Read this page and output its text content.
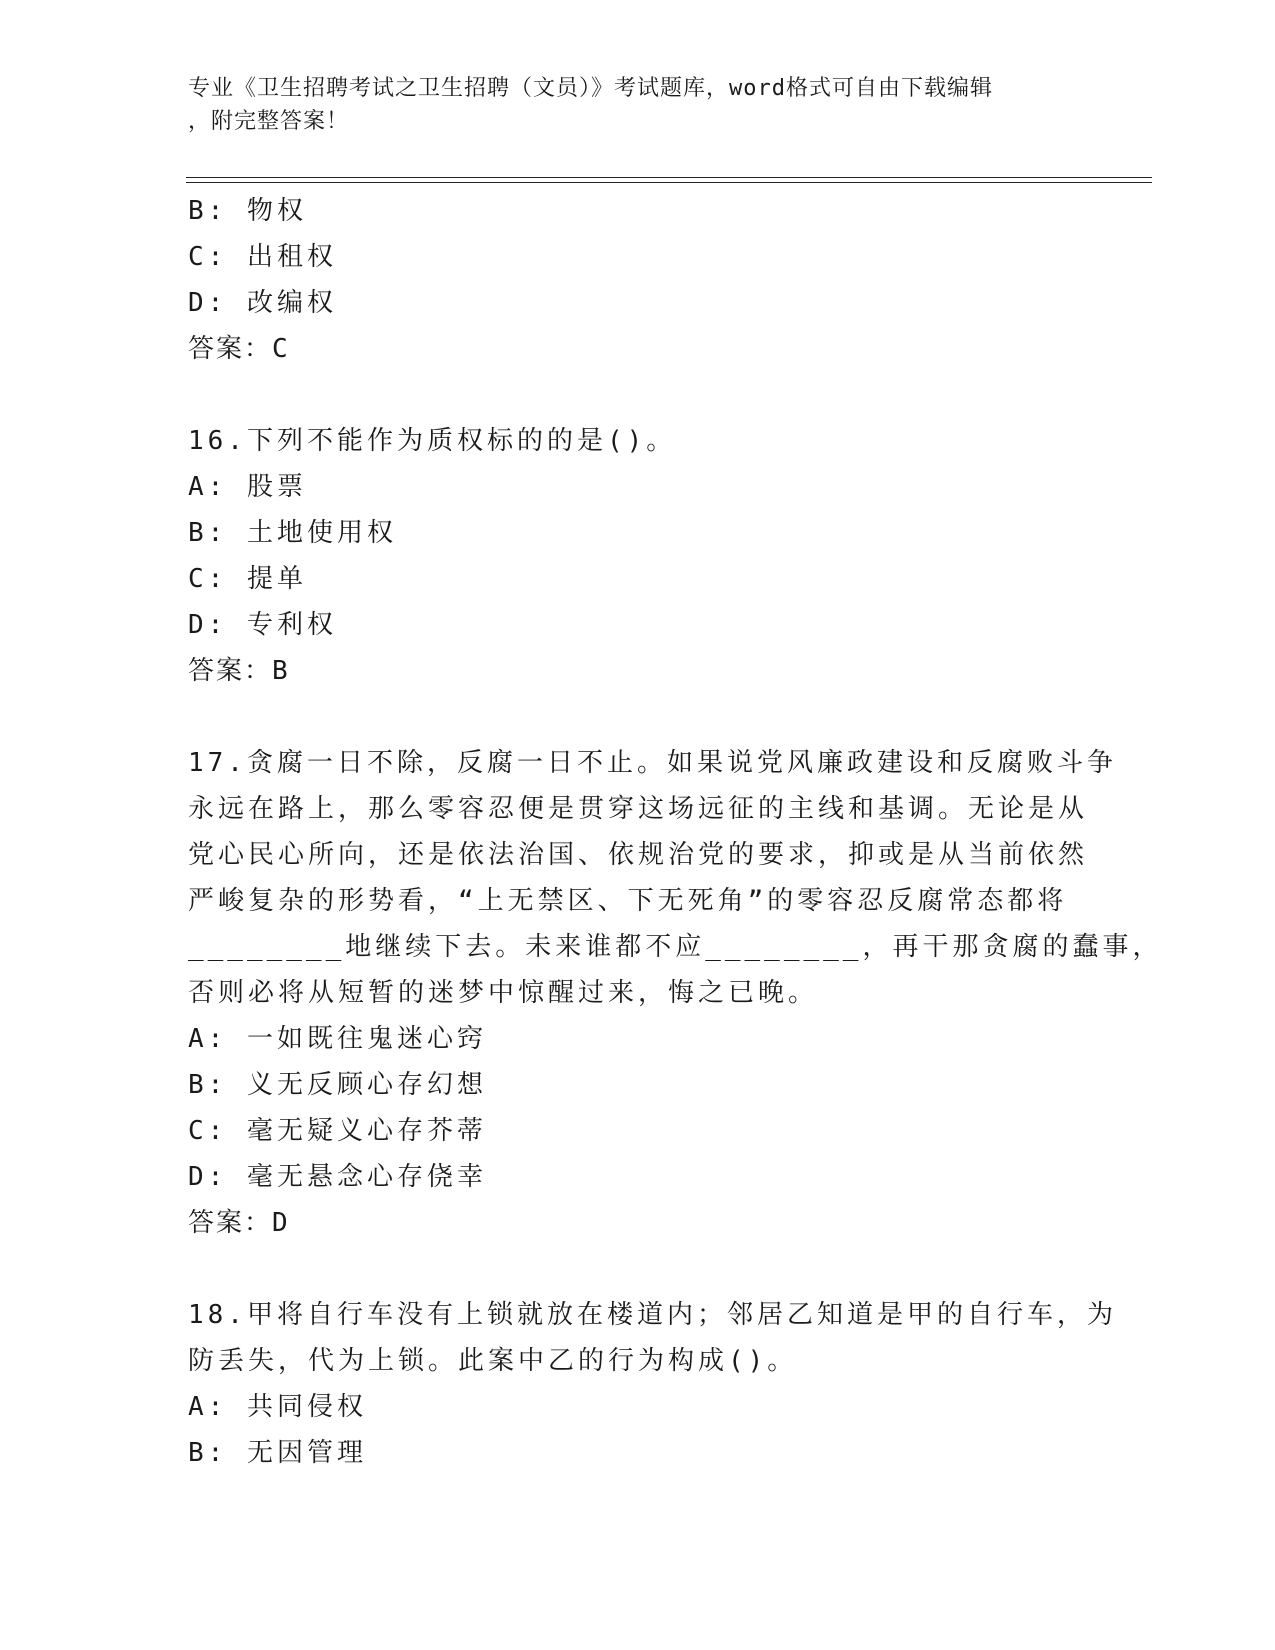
专业《卫生招聘考试之卫生招聘（文员）》考试题库，word格式可自由下载编辑
，附完整答案！
B: 物权
C: 出租权
D: 改编权
答案：C
16.下列不能作为质权标的的是()。
A: 股票
B: 土地使用权
C: 提单
D: 专利权
答案：B
17.贪腐一日不除，反腐一日不止。如果说党风廉政建设和反腐败斗争
永远在路上，那么零容忍便是贯穿这场远征的主线和基调。无论是从
党心民心所向，还是依法治国、依规治党的要求，抑或是从当前依然
严峻复杂的形势看，“上无禁区、下无死角”的零容忍反腐常态都将
________地继续下去。未来谁都不应________，再干那贪腐的蠢事，
否则必将从短暂的迷梦中惊醒过来，悔之已晚。
A: 一如既往鬼迷心窍
B: 义无反顾心存幻想
C: 毫无疑义心存芥蒂
D: 毫无悬念心存侥幸
答案：D
18.甲将自行车没有上锁就放在楼道内；邻居乙知道是甲的自行车，为
防丢失，代为上锁。此案中乙的行为构成()。
A: 共同侵权
B: 无因管理
